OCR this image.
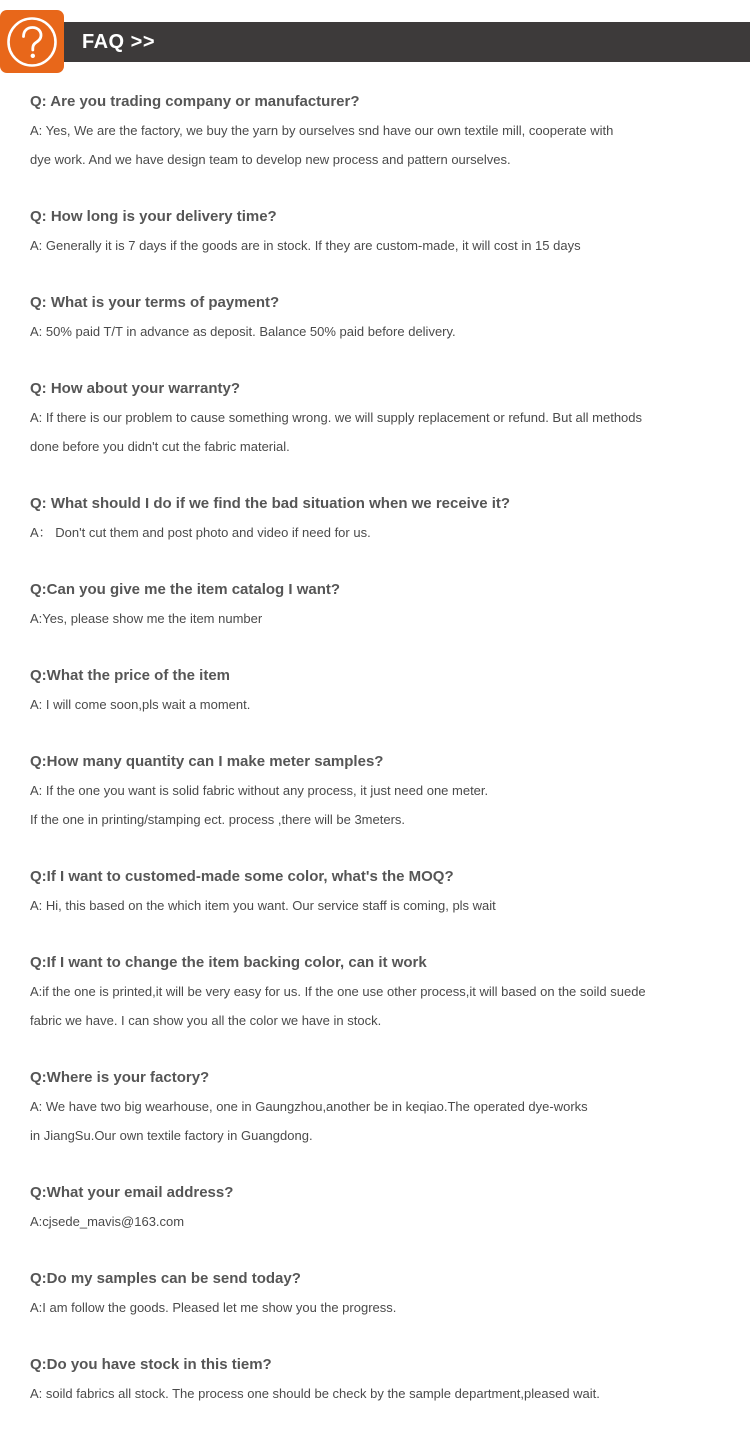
FAQ >>
Q: Are you trading company or manufacturer?
A: Yes, We are the factory, we buy the yarn by ourselves snd have our own textile mill, cooperate with
dye work. And we have design team to develop new process and pattern ourselves.
Q: How long is your delivery time?
A: Generally it is 7 days if the goods are in stock. If they are custom-made, it will cost in 15 days
Q: What is your terms of payment?
A: 50% paid T/T in advance as deposit. Balance 50% paid before delivery.
Q: How about your warranty?
A: If there is our problem to cause something wrong. we will supply replacement or refund. But all methods
done before you didn't cut the fabric material.
Q: What should I do if we find the bad situation when we receive it?
A： Don't cut them and post photo and video if need for us.
Q:Can you give me the item catalog I want?
A:Yes, please show me the item number
Q:What the price of the item
A: I will come soon,pls wait a moment.
Q:How many quantity can I make meter samples?
A: If the one you want is solid fabric without any process, it just need one meter.
If the one in printing/stamping ect. process ,there will be 3meters.
Q:If I want to customed-made some color, what's the MOQ?
A: Hi, this based on the which item you want. Our service staff is coming, pls wait
Q:If I want to change the item backing color, can it work
A:if the one is printed,it will be very easy for us. If the one use other process,it will based on the soild suede
fabric we have. I can show you all the color we have in stock.
Q:Where is your factory?
A: We have two big wearhouse, one in Gaungzhou,another be in keqiao.The operated dye-works
in JiangSu.Our own textile factory in Guangdong.
Q:What your email address?
A:cjsede_mavis@163.com
Q:Do my samples can be send today?
A:I am follow the goods. Pleased let me show you the progress.
Q:Do you have stock in this tiem?
A: soild fabrics all stock. The process one should be check by the sample department,pleased wait.
